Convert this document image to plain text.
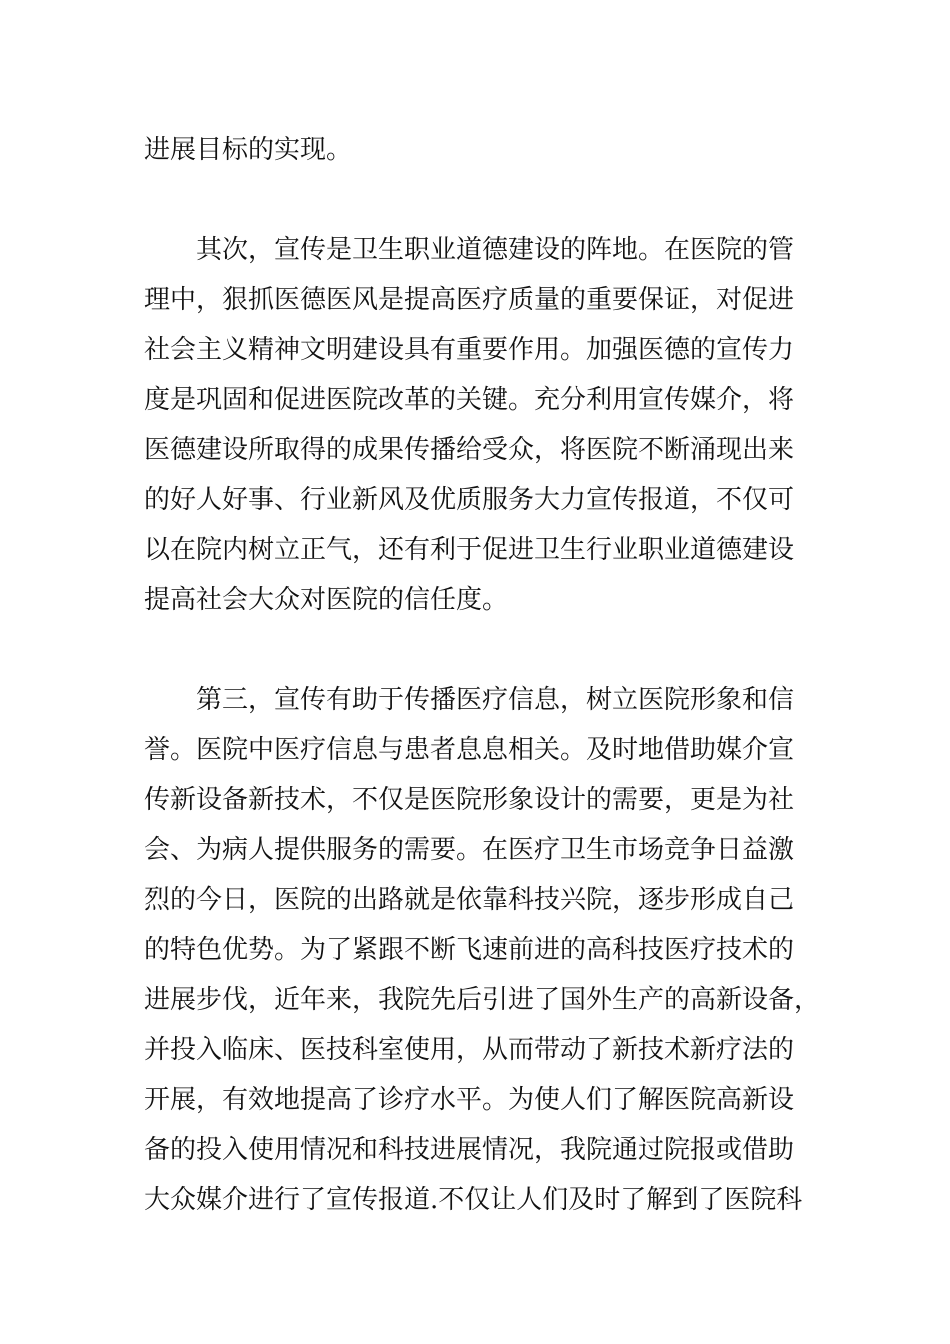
进展目标的实现。
其次，宣传是卫生职业道德建设的阵地。在医院的管
理中，狠抓医德医风是提高医疗质量的重要保证，对促进
社会主义精神文明建设具有重要作用。加强医德的宣传力
度是巩固和促进医院改革的关键。充分利用宣传媒介，将
医德建设所取得的成果传播给受众，将医院不断涌现出来
的好人好事、行业新风及优质服务大力宣传报道，不仅可
以在院内树立正气，还有利于促进卫生行业职业道德建设
提高社会大众对医院的信任度。
第三，宣传有助于传播医疗信息，树立医院形象和信
誉。医院中医疗信息与患者息息相关。及时地借助媒介宣
传新设备新技术，不仅是医院形象设计的需要，更是为社
会、为病人提供服务的需要。在医疗卫生市场竞争日益激
烈的今日，医院的出路就是依靠科技兴院，逐步形成自己
的特色优势。为了紧跟不断飞速前进的高科技医疗技术的
进展步伐，近年来，我院先后引进了国外生产的高新设备，
并投入临床、医技科室使用，从而带动了新技术新疗法的
开展，有效地提高了诊疗水平。为使人们了解医院高新设
备的投入使用情况和科技进展情况，我院通过院报或借助
大众媒介进行了宣传报道.不仅让人们及时了解到了医院科
